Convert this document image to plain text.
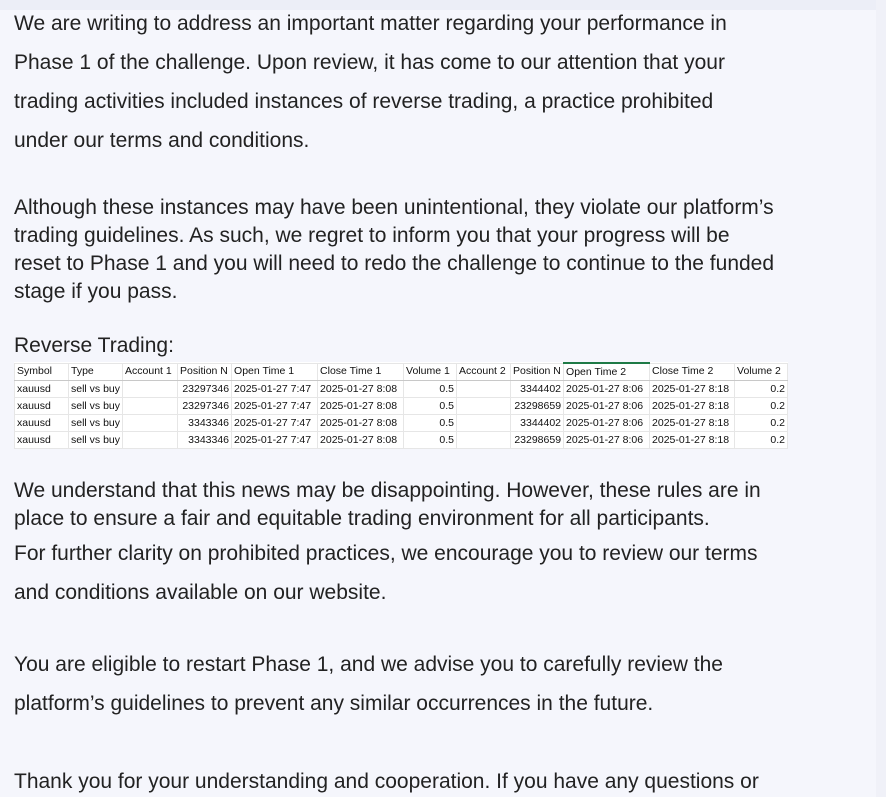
We are writing to address an important matter regarding your performance in
Phase 1 of the challenge. Upon review, it has come to our attention that your
trading activities included instances of reverse trading, a practice prohibited
under our terms and conditions.

Although these instances may have been unintentional, they violate our platform’s
trading guidelines. As such, we regret to inform you that your progress will be
reset to Phase 1 and you will need to redo the challenge to continue to the funded
stage if you pass.

Reverse Trading:

Symbol	Type	Account 1	Position N	Open Time 1	Close Time 1	Volume 1	Account 2	Position N	Open Time 2	Close Time 2	Volume 2
xauusd	sell vs buy		23297346	2025-01-27 7:47	2025-01-27 8:08	0.5		3344402	2025-01-27 8:06	2025-01-27 8:18	0.2
xauusd	sell vs buy		23297346	2025-01-27 7:47	2025-01-27 8:08	0.5		23298659	2025-01-27 8:06	2025-01-27 8:18	0.2
xauusd	sell vs buy		3343346	2025-01-27 7:47	2025-01-27 8:08	0.5		3344402	2025-01-27 8:06	2025-01-27 8:18	0.2
xauusd	sell vs buy		3343346	2025-01-27 7:47	2025-01-27 8:08	0.5		23298659	2025-01-27 8:06	2025-01-27 8:18	0.2

We understand that this news may be disappointing. However, these rules are in
place to ensure a fair and equitable trading environment for all participants.

For further clarity on prohibited practices, we encourage you to review our terms
and conditions available on our website.

You are eligible to restart Phase 1, and we advise you to carefully review the
platform’s guidelines to prevent any similar occurrences in the future.

Thank you for your understanding and cooperation. If you have any questions or
